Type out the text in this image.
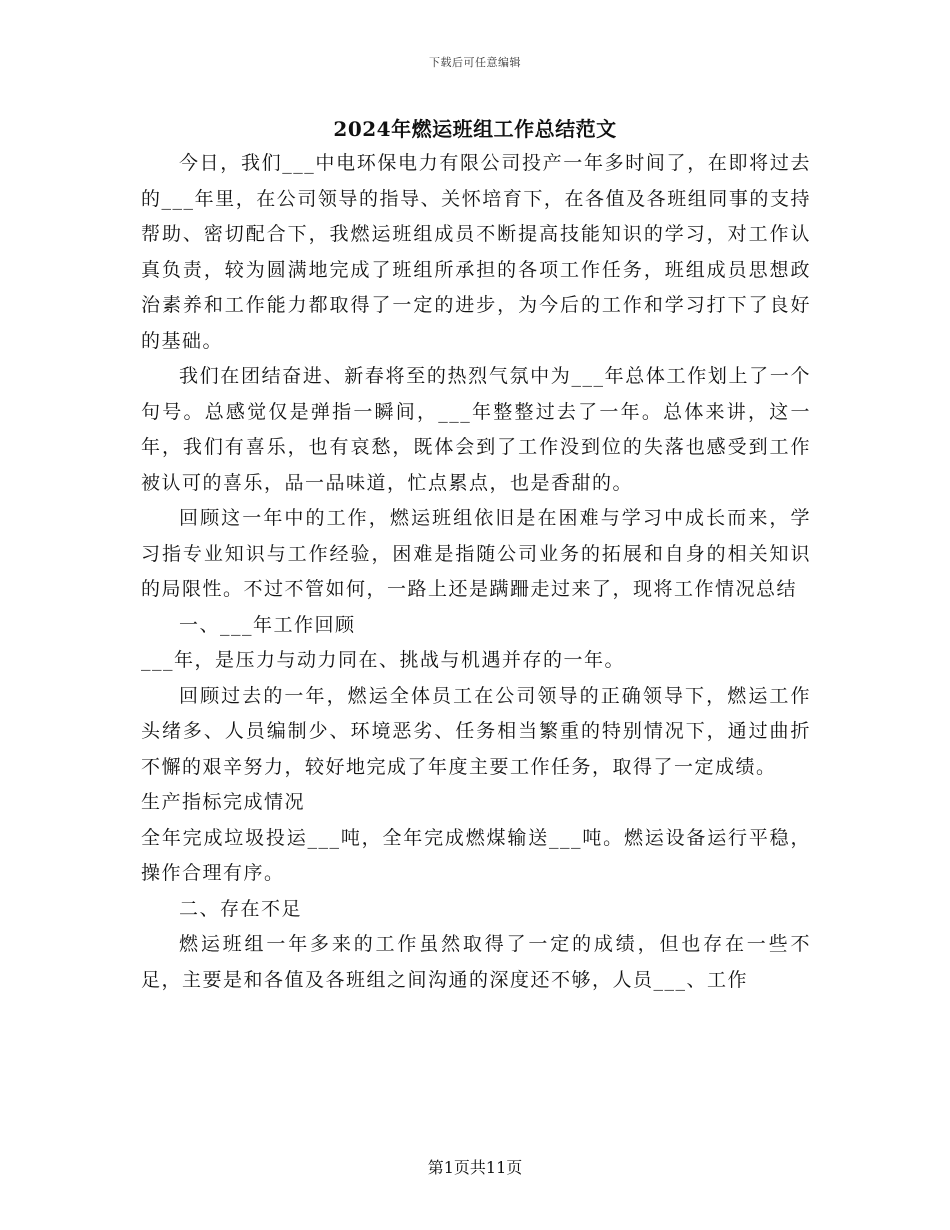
下载后可任意编辑
2024年燃运班组工作总结范文

今日，我们___中电环保电力有限公司投产一年多时间了，在即将过去的___年里，在公司领导的指导、关怀培育下，在各值及各班组同事的支持帮助、密切配合下，我燃运班组成员不断提高技能知识的学习，对工作认真负责，较为圆满地完成了班组所承担的各项工作任务，班组成员思想政治素养和工作能力都取得了一定的进步，为今后的工作和学习打下了良好的基础。

我们在团结奋进、新春将至的热烈气氛中为___年总体工作划上了一个句号。总感觉仅是弹指一瞬间，___年整整过去了一年。总体来讲，这一年，我们有喜乐，也有哀愁，既体会到了工作没到位的失落也感受到工作被认可的喜乐，品一品味道，忙点累点，也是香甜的。

回顾这一年中的工作，燃运班组依旧是在困难与学习中成长而来，学习指专业知识与工作经验，困难是指随公司业务的拓展和自身的相关知识的局限性。不过不管如何，一路上还是蹒跚走过来了，现将工作情况总结

一、___年工作回顾

___年，是压力与动力同在、挑战与机遇并存的一年。

回顾过去的一年，燃运全体员工在公司领导的正确领导下，燃运工作头绪多、人员编制少、环境恶劣、任务相当繁重的特别情况下，通过曲折不懈的艰辛努力，较好地完成了年度主要工作任务，取得了一定成绩。

生产指标完成情况

全年完成垃圾投运___吨，全年完成燃煤输送___吨。燃运设备运行平稳，操作合理有序。

二、存在不足

燃运班组一年多来的工作虽然取得了一定的成绩，但也存在一些不足，主要是和各值及各班组之间沟通的深度还不够，人员___、工作

第1页共11页
